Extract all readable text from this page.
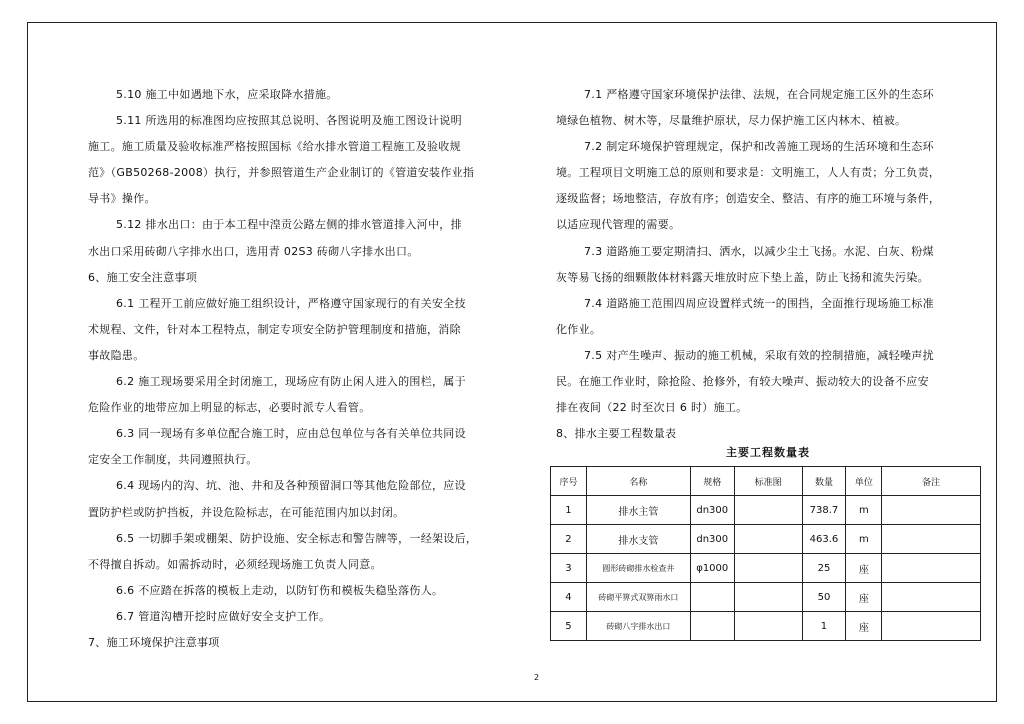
5.10 施工中如遇地下水，应采取降水措施。
5.11 所选用的标准图均应按照其总说明、各图说明及施工图设计说明
施工。施工质量及验收标准严格按照国标《给水排水管道工程施工及验收规
范》（GB50268-2008）执行，并参照管道生产企业制订的《管道安装作业指
导书》操作。
5.12 排水出口：由于本工程中湟贡公路左侧的排水管道排入河中，排
水出口采用砖砌八字排水出口，选用青 02S3 砖砌八字排水出口。
6、施工安全注意事项
6.1 工程开工前应做好施工组织设计，严格遵守国家现行的有关安全技
术规程、文件，针对本工程特点，制定专项安全防护管理制度和措施，消除
事故隐患。
6.2 施工现场要采用全封闭施工，现场应有防止闲人进入的围栏，属于
危险作业的地带应加上明显的标志，必要时派专人看管。
6.3 同一现场有多单位配合施工时，应由总包单位与各有关单位共同设
定安全工作制度，共同遵照执行。
6.4 现场内的沟、坑、池、井和及各种预留洞口等其他危险部位，应设
置防护栏或防护挡板，并设危险标志，在可能范围内加以封闭。
6.5 一切脚手架或棚架、防护设施、安全标志和警告牌等，一经架设后，
不得擅自拆动。如需拆动时，必须经现场施工负责人同意。
6.6 不应踏在拆落的模板上走动，以防钉伤和模板失稳坠落伤人。
6.7 管道沟槽开挖时应做好安全支护工作。
7、施工环境保护注意事项
7.1 严格遵守国家环境保护法律、法规，在合同规定施工区外的生态环
境绿色植物、树木等，尽量维护原状，尽力保护施工区内林木、植被。
7.2 制定环境保护管理规定，保护和改善施工现场的生活环境和生态环
境。工程项目文明施工总的原则和要求是：文明施工，人人有责；分工负责，
逐级监督；场地整洁，存放有序；创造安全、整洁、有序的施工环境与条件，
以适应现代管理的需要。
7.3 道路施工要定期清扫、洒水，以减少尘土飞扬。水泥、白灰、粉煤
灰等易飞扬的细颗散体材料露天堆放时应下垫上盖，防止飞扬和流失污染。
7.4 道路施工范围四周应设置样式统一的围挡，全面推行现场施工标准
化作业。
7.5 对产生噪声、振动的施工机械，采取有效的控制措施，减轻噪声扰
民。在施工作业时，除抢险、抢修外，有较大噪声、振动较大的设备不应安
排在夜间（22 时至次日 6 时）施工。
8、排水主要工程数量表
主要工程数量表
序号	名称	规格	标准图	数量	单位	备注
1	排水主管	dn300		738.7	m	
2	排水支管	dn300		463.6	m	
3	圆形砖砌排水检查井	φ1000		25	座	
4	砖砌平箅式双箅雨水口			50	座	
5	砖砌八字排水出口			1	座	
2
